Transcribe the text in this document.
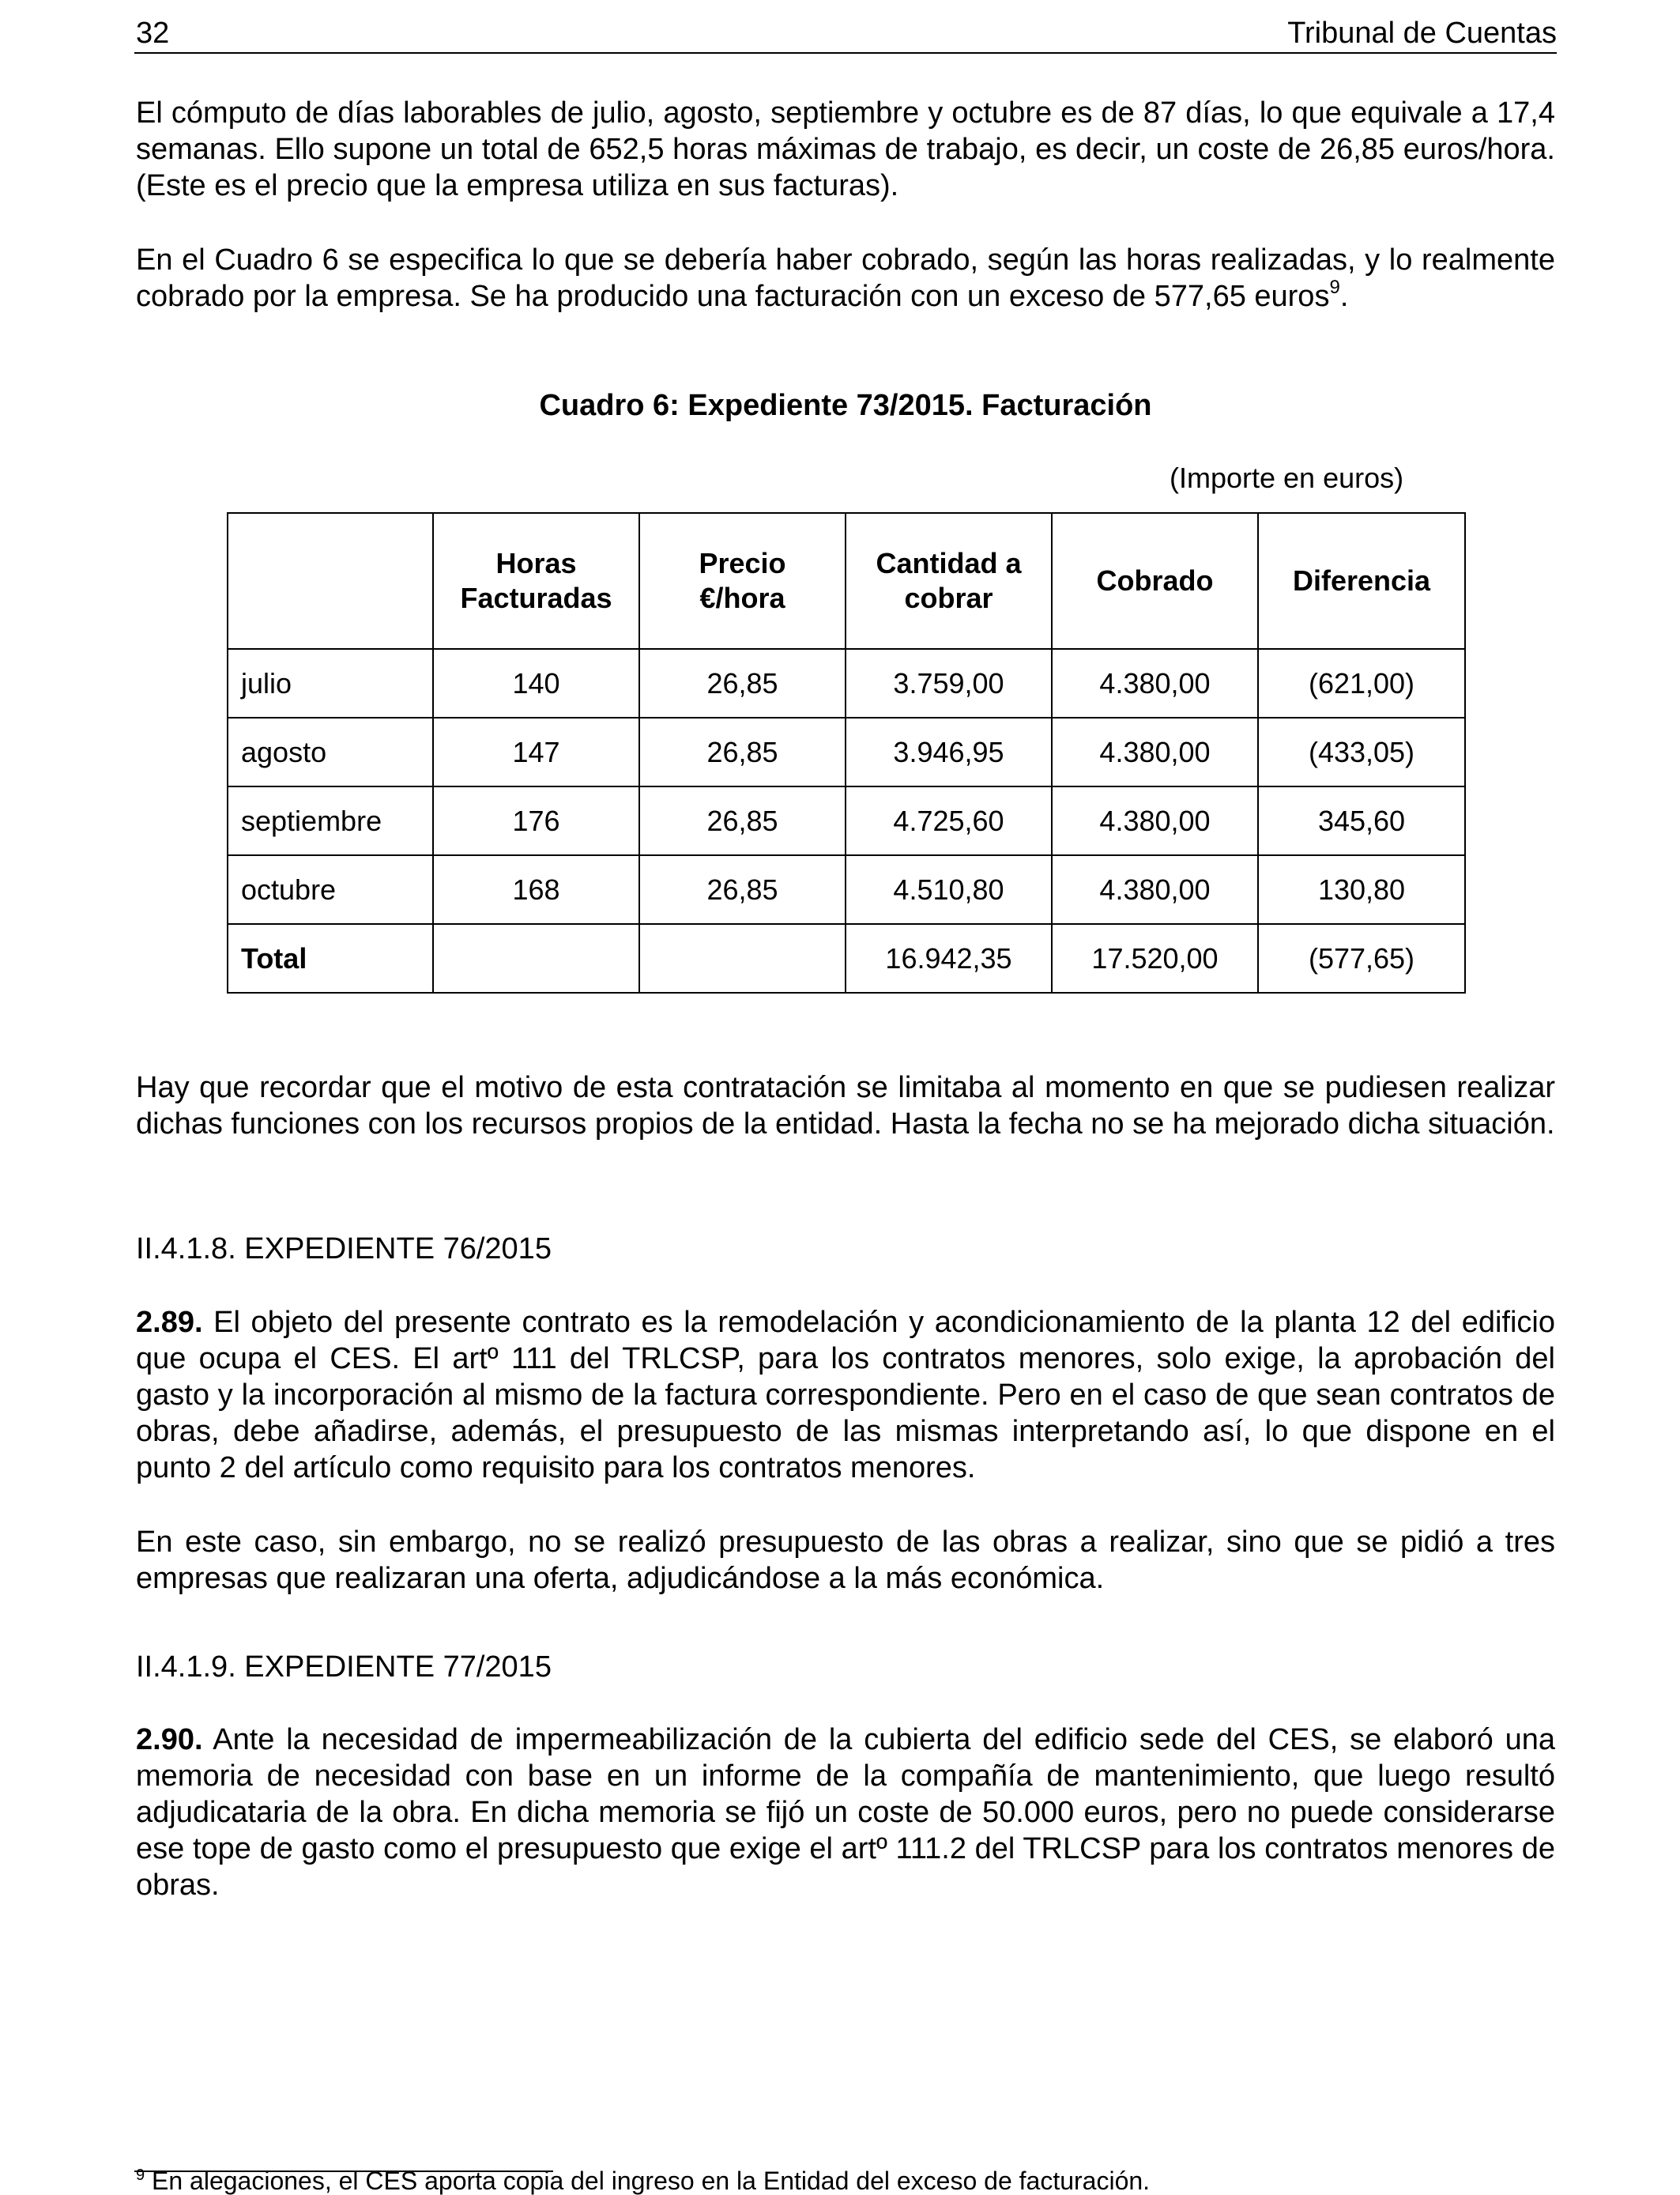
32	Tribunal de Cuentas

El cómputo de días laborables de julio, agosto, septiembre y octubre es de 87 días, lo que equivale a 17,4 semanas. Ello supone un total de 652,5 horas máximas de trabajo, es decir, un coste de 26,85 euros/hora. (Este es el precio que la empresa utiliza en sus facturas).

En el Cuadro 6 se especifica lo que se debería haber cobrado, según las horas realizadas, y lo realmente cobrado por la empresa. Se ha producido una facturación con un exceso de 577,65 euros$^9$.

Cuadro 6: Expediente 73/2015. Facturación
(Importe en euros)
	Horas Facturadas	Precio €/hora	Cantidad a cobrar	Cobrado	Diferencia
julio	140	26,85	3.759,00	4.380,00	(621,00)
agosto	147	26,85	3.946,95	4.380,00	(433,05)
septiembre	176	26,85	4.725,60	4.380,00	345,60
octubre	168	26,85	4.510,80	4.380,00	130,80
Total			16.942,35	17.520,00	(577,65)

Hay que recordar que el motivo de esta contratación se limitaba al momento en que se pudiesen realizar dichas funciones con los recursos propios de la entidad. Hasta la fecha no se ha mejorado dicha situación.

II.4.1.8. EXPEDIENTE 76/2015

2.89. El objeto del presente contrato es la remodelación y acondicionamiento de la planta 12 del edificio que ocupa el CES. El artº 111 del TRLCSP, para los contratos menores, solo exige, la aprobación del gasto y la incorporación al mismo de la factura correspondiente. Pero en el caso de que sean contratos de obras, debe añadirse, además, el presupuesto de las mismas interpretando así, lo que dispone en el punto 2 del artículo como requisito para los contratos menores.

En este caso, sin embargo, no se realizó presupuesto de las obras a realizar, sino que se pidió a tres empresas que realizaran una oferta, adjudicándose a la más económica.

II.4.1.9. EXPEDIENTE 77/2015

2.90. Ante la necesidad de impermeabilización de la cubierta del edificio sede del CES, se elaboró una memoria de necesidad con base en un informe de la compañía de mantenimiento, que luego resultó adjudicataria de la obra. En dicha memoria se fijó un coste de 50.000 euros, pero no puede considerarse ese tope de gasto como el presupuesto que exige el artº 111.2 del TRLCSP para los contratos menores de obras.

$^9$ En alegaciones, el CES aporta copia del ingreso en la Entidad del exceso de facturación.
